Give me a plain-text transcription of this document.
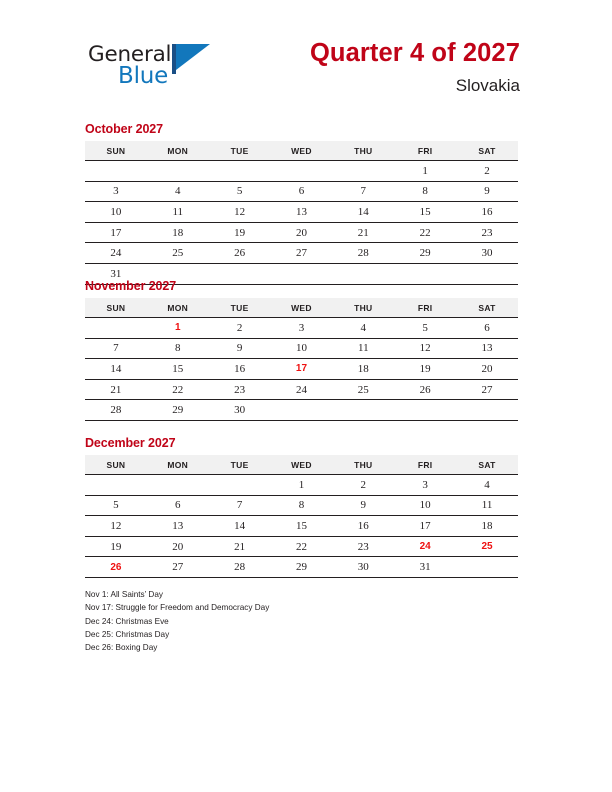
General
Blue
Quarter 4 of 2027
Slovakia
October 2027
SUN	MON	TUE	WED	THU	FRI	SAT
					1	2
3	4	5	6	7	8	9
10	11	12	13	14	15	16
17	18	19	20	21	22	23
24	25	26	27	28	29	30
31						
November 2027
SUN	MON	TUE	WED	THU	FRI	SAT
	1	2	3	4	5	6
7	8	9	10	11	12	13
14	15	16	17	18	19	20
21	22	23	24	25	26	27
28	29	30				
December 2027
SUN	MON	TUE	WED	THU	FRI	SAT
			1	2	3	4
5	6	7	8	9	10	11
12	13	14	15	16	17	18
19	20	21	22	23	24	25
26	27	28	29	30	31	
Nov 1: All Saints’ Day
Nov 17: Struggle for Freedom and Democracy Day
Dec 24: Christmas Eve
Dec 25: Christmas Day
Dec 26: Boxing Day
